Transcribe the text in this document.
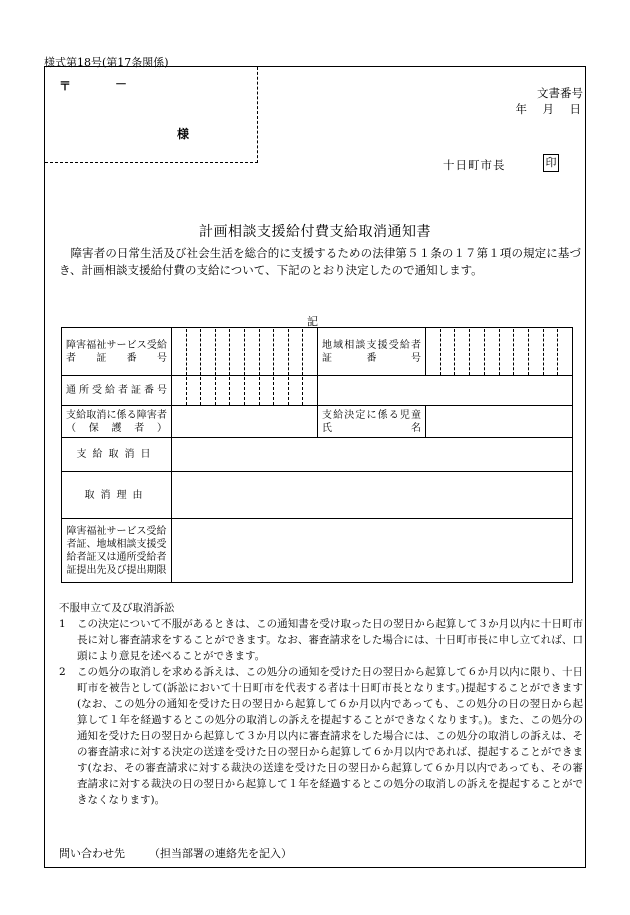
様式第18号(第17条関係)
〒	－
様
文書番号
年　月　日
十日町市長	印
計画相談支援給付費支給取消通知書
障害者の日常生活及び社会生活を総合的に支援するための法律第５１条の１７第１項の規定に基づき、計画相談支援給付費の支給について、下記のとおり決定したので通知します。
記
障害福祉サービス受給者証番号		地域相談支援受給者証番号	

通所受給者証番号		

支給取消に係る障害者（保護者）		支給決定に係る児童氏名	
支給取消日			
取消理由			
障害福祉サービス受給者証、地域相談支援受給者証又は通所受給者証提出先及び提出期限			
不服申立て及び取消訴訟
1 この決定について不服があるときは、この通知書を受け取った日の翌日から起算して３か月以内に十日町市長に対し審査請求をすることができます。なお、審査請求をした場合には、十日町市長に申し立てれば、口頭により意見を述べることができます。
2 この処分の取消しを求める訴えは、この処分の通知を受けた日の翌日から起算して６か月以内に限り、十日町市を被告として(訴訟において十日町市を代表する者は十日町市長となります。)提起することができます(なお、この処分の通知を受けた日の翌日から起算して６か月以内であっても、この処分の日の翌日から起算して１年を経過するとこの処分の取消しの訴えを提起することができなくなります。)。また、この処分の通知を受けた日の翌日から起算して３か月以内に審査請求をした場合には、この処分の取消しの訴えは、その審査請求に対する決定の送達を受けた日の翌日から起算して６か月以内であれば、提起することができます(なお、その審査請求に対する裁決の送達を受けた日の翌日から起算して６か月以内であっても、その審査請求に対する裁決の日の翌日から起算して１年を経過するとこの処分の取消しの訴えを提起することができなくなります)。
問い合わせ先 （担当部署の連絡先を記入）
